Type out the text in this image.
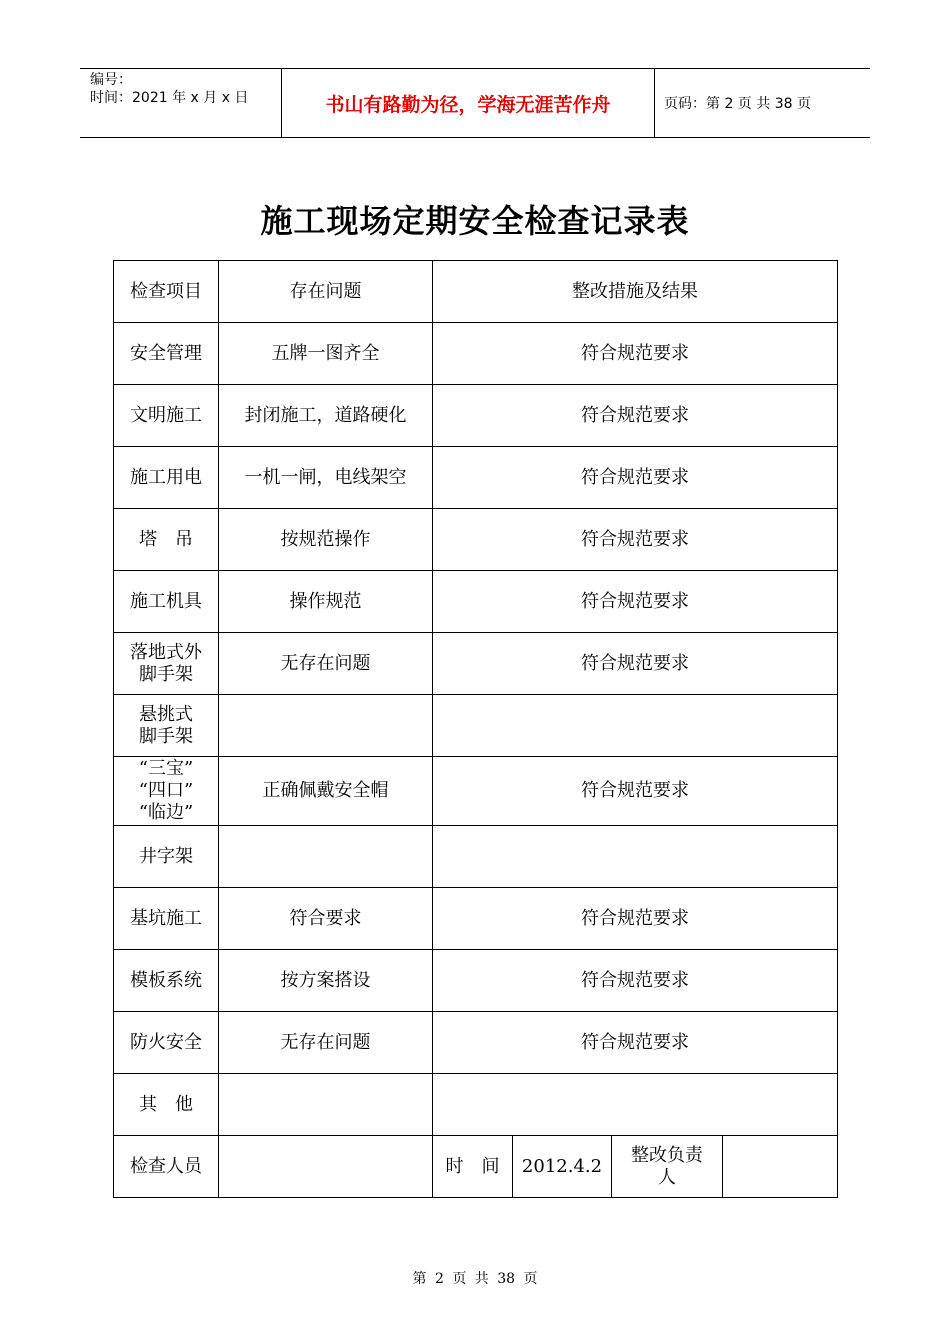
编号：
时间：2021 年 x 月 x 日	书山有路勤为径，学海无涯苦作舟	页码：第 2 页 共 38 页
施工现场定期安全检查记录表
检查项目	存在问题	整改措施及结果			
安全管理	五牌一图齐全	符合规范要求			
文明施工	封闭施工，道路硬化	符合规范要求			
施工用电	一机一闸，电线架空	符合规范要求			
塔　吊	按规范操作	符合规范要求			
施工机具	操作规范	符合规范要求			

落地式外
脚手架	无存在问题	符合规范要求			

悬挑式
脚手架					

“三宝”
“四口”
“临边”	正确佩戴安全帽	符合规范要求			
井字架					
基坑施工	符合要求	符合规范要求			
模板系统	按方案搭设	符合规范要求			
防火安全	无存在问题	符合规范要求			
其　他					
检查人员		时　间	2012.4.2	整改负责
人	

第 2 页 共 38 页
